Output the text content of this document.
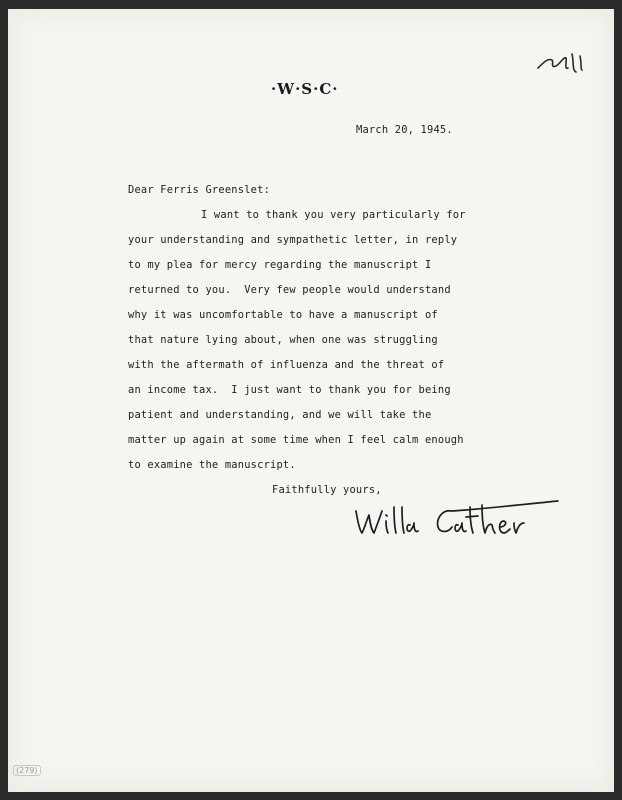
·W·S·C·
March 20, 1945.
Dear Ferris Greenslet:
I want to thank you very particularly for
your understanding and sympathetic letter, in reply
to my plea for mercy regarding the manuscript I
returned to you.  Very few people would understand
why it was uncomfortable to have a manuscript of
that nature lying about, when one was struggling
with the aftermath of influenza and the threat of
an income tax.  I just want to thank you for being
patient and understanding, and we will take the
matter up again at some time when I feel calm enough
to examine the manuscript.
Faithfully yours,
(279)
